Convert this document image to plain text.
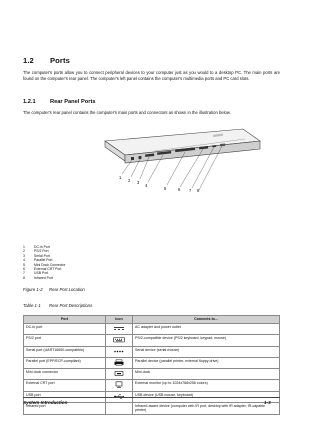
1.2 Ports
The computer's ports allow you to connect peripheral devices to your computer just as you would to a desktop PC. The main ports are found on the computer's rear panel. The computer's left panel contains the computer's multimedia ports and PC card slots.
1.2.1	Rear Panel Ports
The computer's rear panel contains the computer's main ports and connectors as shown in the illustration below.
1
2 3
4
5	6 7 8
1	DC-in Port
2	PS/2 Port
3	Serial Port
4	Parallel Port
5	Mini Dock Connector
6	External CRT Port
7	USB Port
8	Infrared Port
Figure 1-2 Rear Port Location
Table 1-1 Rear Port Descriptions
Port	Icon	Connects to...
DC-in port		AC adapter and power outlet
PS/2 port		PS/2-compatible device (PS/2 keyboard, keypad, mouse)
Serial port (UART16650-compatible)		Serial device (serial mouse)
Parallel port (EPP/ECP-compliant)		Parallel device (parallel printer, external floppy drive)
Mini dock connector		Mini dock
External CRT port		External monitor (up to 1024x768x256 colors)
USB port		USB device (USB mouse, keyboard)
Infrared port		Infrared-aware device (computer with IR port, desktop with IR adapter, IR-capable printer)
System Introduction	1-3
